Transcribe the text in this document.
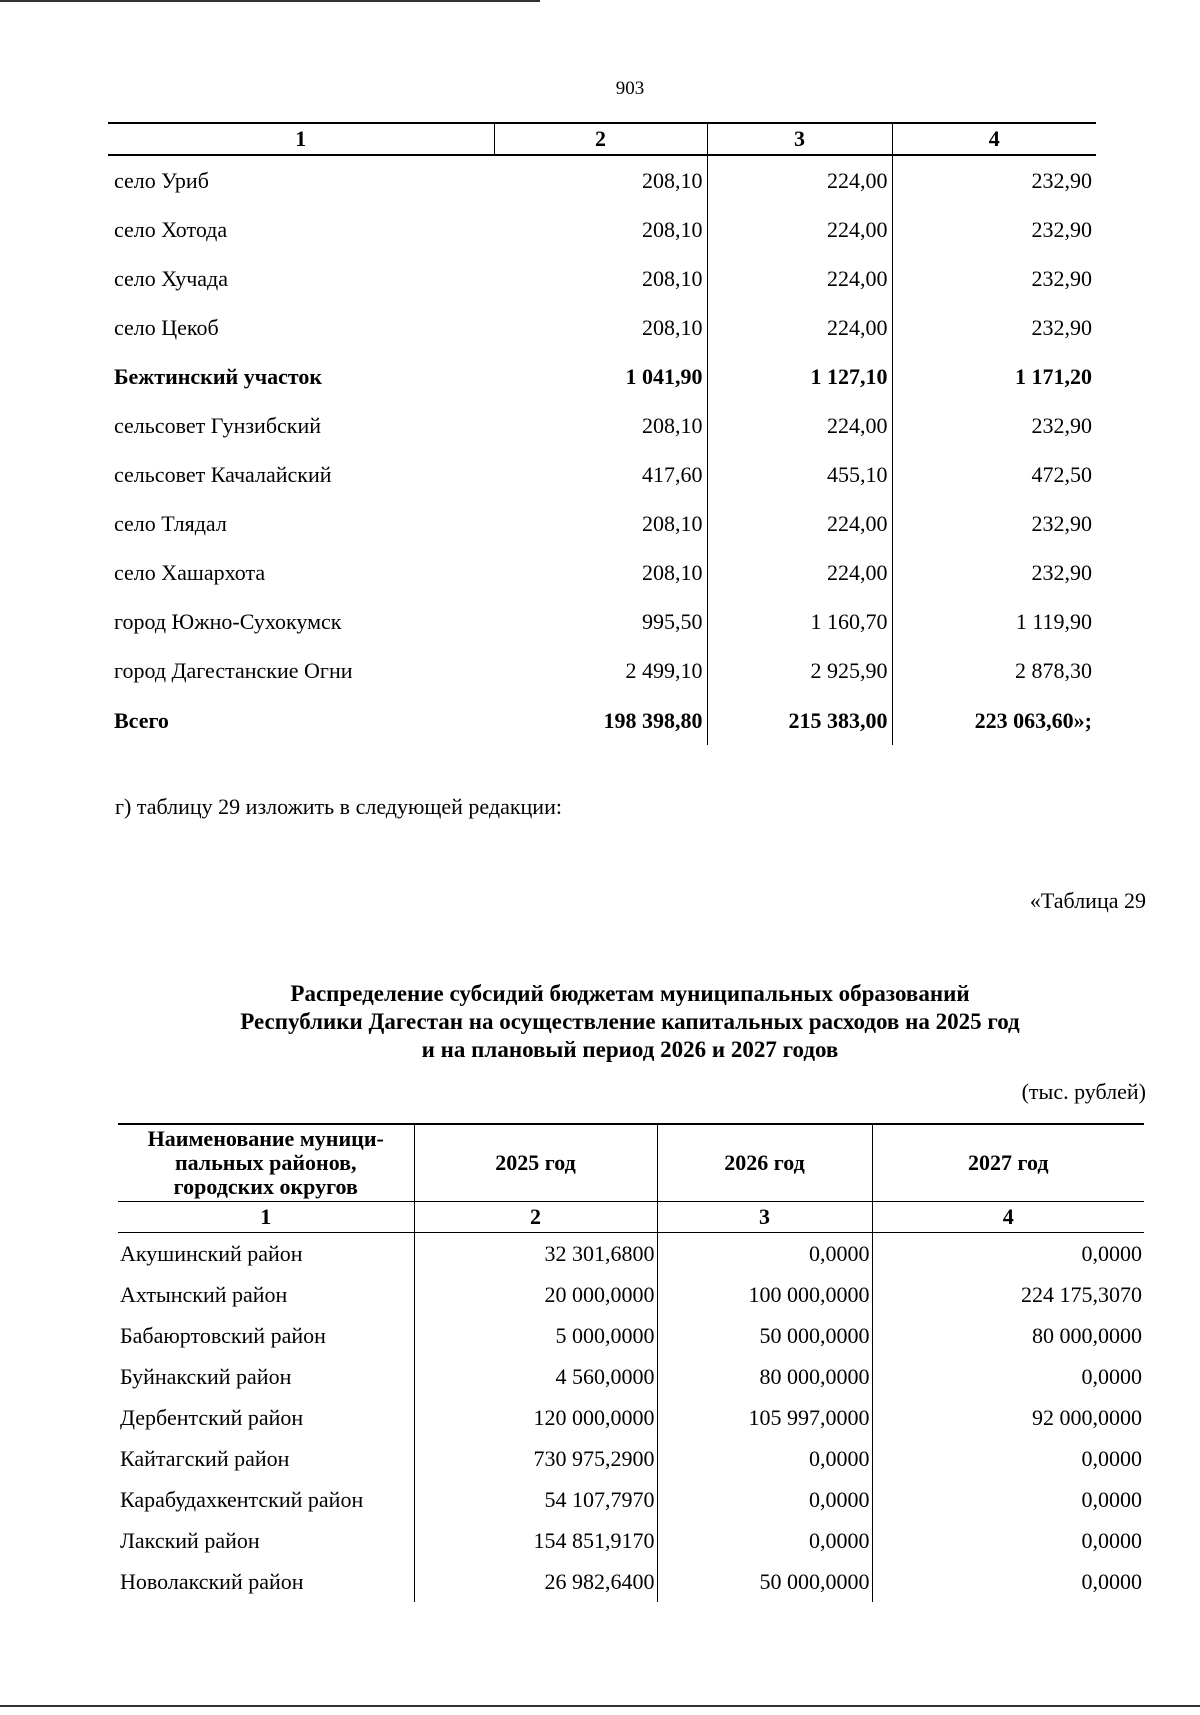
903
1	2	3	4
село Уриб	208,10	224,00	232,90
село Хотода	208,10	224,00	232,90
село Хучада	208,10	224,00	232,90
село Цекоб	208,10	224,00	232,90
Бежтинский участок	1 041,90	1 127,10	1 171,20
сельсовет Гунзибский	208,10	224,00	232,90
сельсовет Качалайский	417,60	455,10	472,50
село Тлядал	208,10	224,00	232,90
село Хашархота	208,10	224,00	232,90
город Южно-Сухокумск	995,50	1 160,70	1 119,90
город Дагестанские Огни	2 499,10	2 925,90	2 878,30
Всего	198 398,80	215 383,00	223 063,60»;
г) таблицу 29 изложить в следующей редакции:
«Таблица 29
Распределение субсидий бюджетам муниципальных образований
Республики Дагестан на осуществление капитальных расходов на 2025 год
и на плановый период 2026 и 2027 годов
(тыс. рублей)
Наименование муници-
пальных районов,
городских округов	2025 год	2026 год	2027 год
1	2	3	4
Акушинский район	32 301,6800	0,0000	0,0000
Ахтынский район	20 000,0000	100 000,0000	224 175,3070
Бабаюртовский район	5 000,0000	50 000,0000	80 000,0000
Буйнакский район	4 560,0000	80 000,0000	0,0000
Дербентский район	120 000,0000	105 997,0000	92 000,0000
Кайтагский район	730 975,2900	0,0000	0,0000
Карабудахкентский район	54 107,7970	0,0000	0,0000
Лакский район	154 851,9170	0,0000	0,0000
Новолакский район	26 982,6400	50 000,0000	0,0000
